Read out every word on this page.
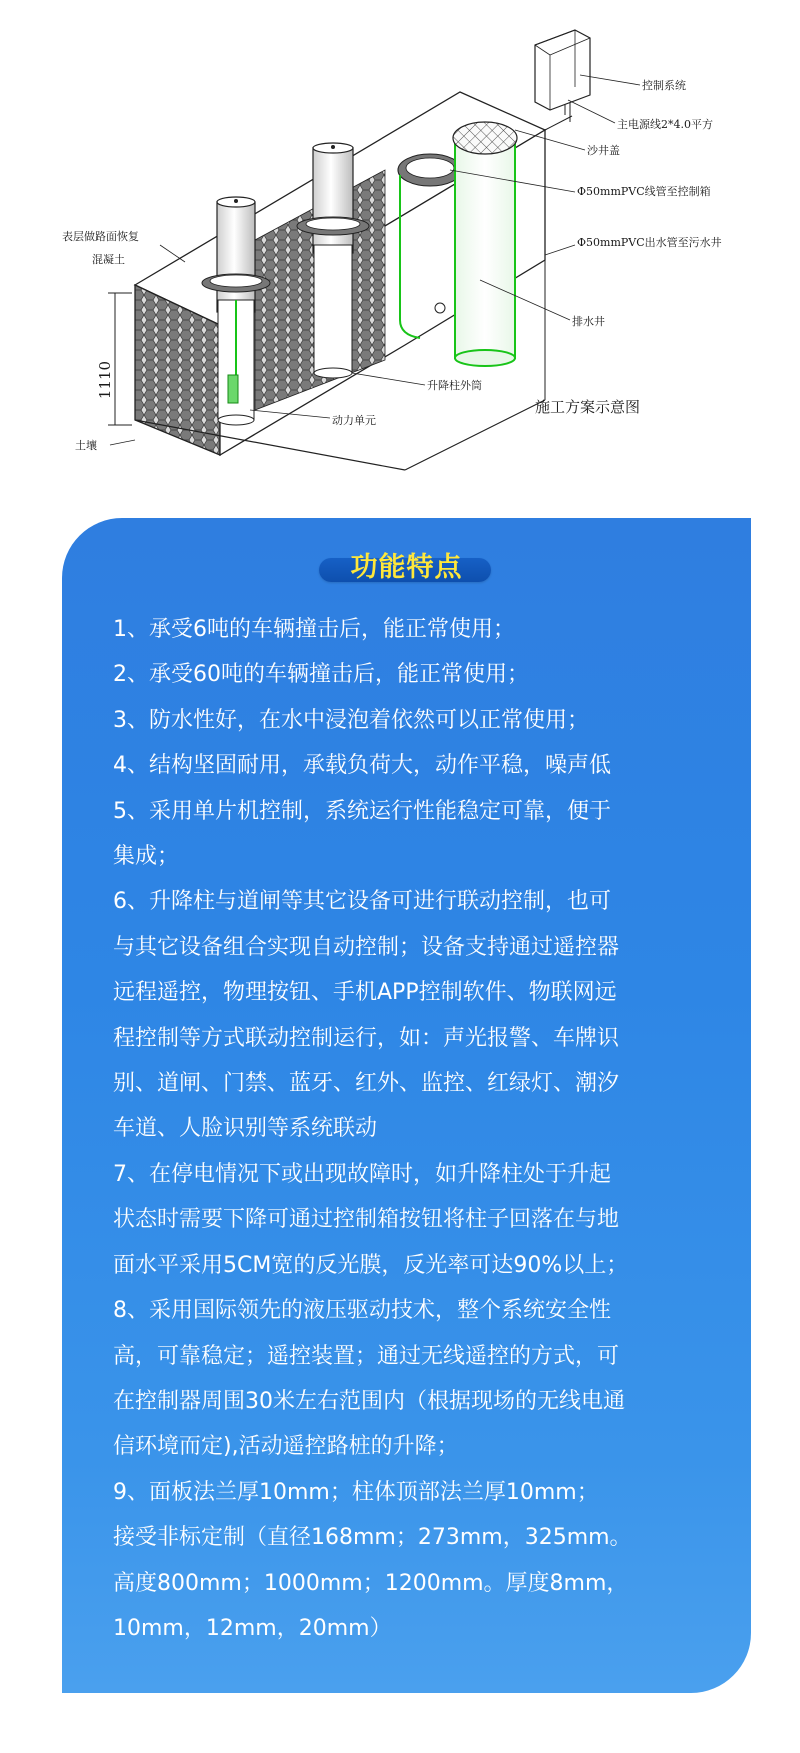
1110
控制系统
主电源线2*4.0平方
沙井盖
Φ50mmPVC线管至控制箱
Φ50mmPVC出水管至污水井
表层做路面恢复
混凝土
排水井
升降柱外筒
动力单元
施工方案示意图
土壤
功能特点
1、承受6吨的车辆撞击后，能正常使用；
2、承受60吨的车辆撞击后，能正常使用；
3、防水性好，在水中浸泡着依然可以正常使用；
4、结构坚固耐用，承载负荷大，动作平稳，噪声低
5、采用单片机控制，系统运行性能稳定可靠，便于
集成；
6、升降柱与道闸等其它设备可进行联动控制，也可
与其它设备组合实现自动控制；设备支持通过遥控器
远程遥控，物理按钮、手机APP控制软件、物联网远
程控制等方式联动控制运行，如：声光报警、车牌识
别、道闸、门禁、蓝牙、红外、监控、红绿灯、潮汐
车道、人脸识别等系统联动
7、在停电情况下或出现故障时，如升降柱处于升起
状态时需要下降可通过控制箱按钮将柱子回落在与地
面水平采用5CM宽的反光膜，反光率可达90%以上；
8、采用国际领先的液压驱动技术，整个系统安全性
高，可靠稳定；遥控装置；通过无线遥控的方式，可
在控制器周围30米左右范围内（根据现场的无线电通
信环境而定),活动遥控路桩的升降；
9、面板法兰厚10mm；柱体顶部法兰厚10mm；
接受非标定制（直径168mm；273mm，325mm。
高度800mm；1000mm；1200mm。厚度8mm，
10mm，12mm，20mm）
